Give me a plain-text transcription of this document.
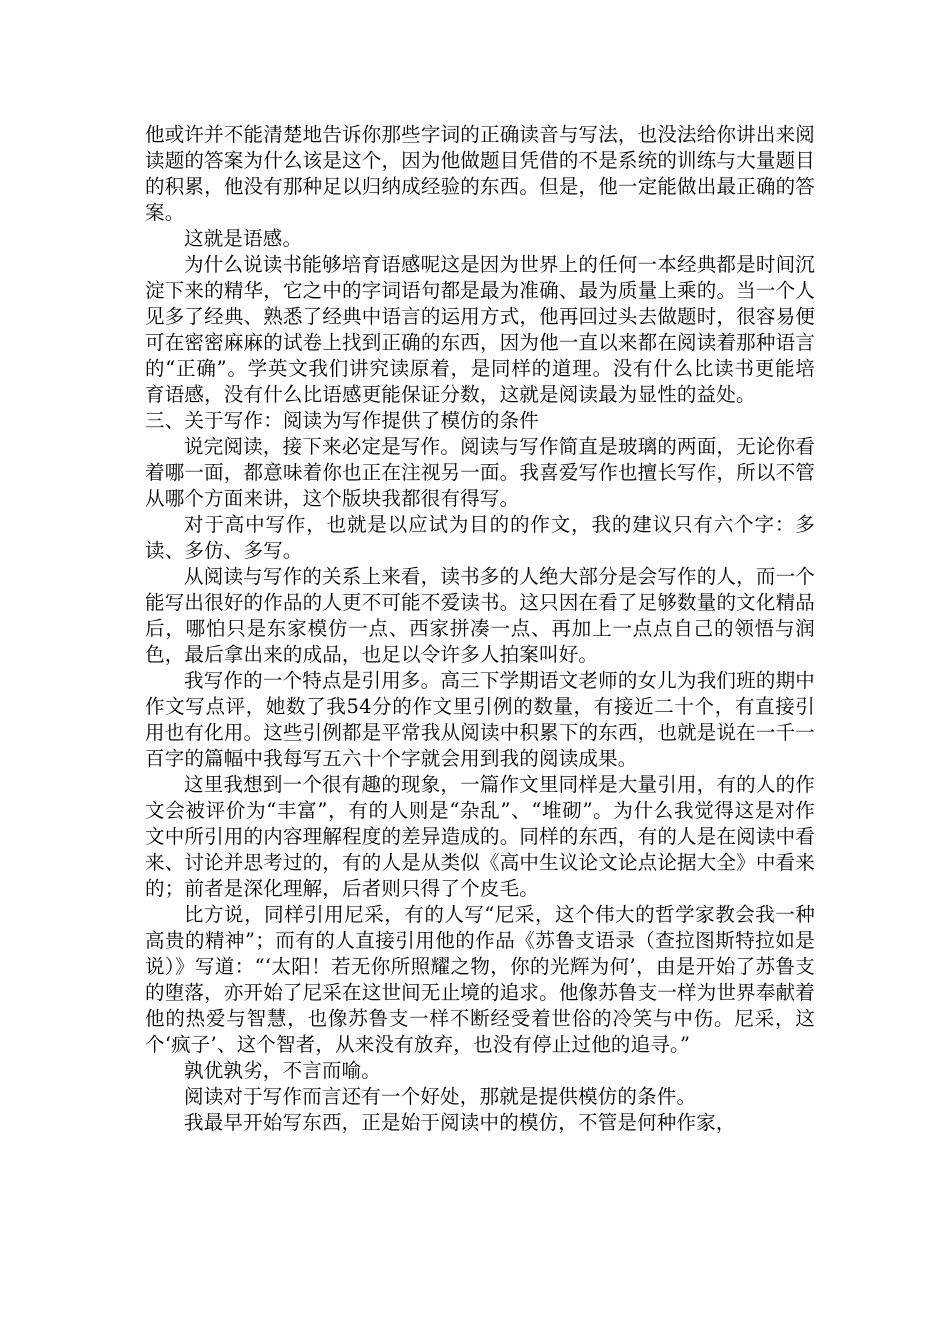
他或许并不能清楚地告诉你那些字词的正确读音与写法，也没法给你讲出来阅读题的答案为什么该是这个，因为他做题目凭借的不是系统的训练与大量题目的积累，他没有那种足以归纳成经验的东西。但是，他一定能做出最正确的答案。

这就是语感。

为什么说读书能够培育语感呢这是因为世界上的任何一本经典都是时间沉淀下来的精华，它之中的字词语句都是最为准确、最为质量上乘的。当一个人见多了经典、熟悉了经典中语言的运用方式，他再回过头去做题时，很容易便可在密密麻麻的试卷上找到正确的东西，因为他一直以来都在阅读着那种语言的“正确”。学英文我们讲究读原着，是同样的道理。没有什么比读书更能培育语感，没有什么比语感更能保证分数，这就是阅读最为显性的益处。

三、关于写作：阅读为写作提供了模仿的条件

说完阅读，接下来必定是写作。阅读与写作简直是玻璃的两面，无论你看着哪一面，都意味着你也正在注视另一面。我喜爱写作也擅长写作，所以不管从哪个方面来讲，这个版块我都很有得写。

对于高中写作，也就是以应试为目的的作文，我的建议只有六个字：多读、多仿、多写。

从阅读与写作的关系上来看，读书多的人绝大部分是会写作的人，而一个能写出很好的作品的人更不可能不爱读书。这只因在看了足够数量的文化精品后，哪怕只是东家模仿一点、西家拼凑一点、再加上一点点自己的领悟与润色，最后拿出来的成品，也足以令许多人拍案叫好。

我写作的一个特点是引用多。高三下学期语文老师的女儿为我们班的期中作文写点评，她数了我54分的作文里引例的数量，有接近二十个，有直接引用也有化用。这些引例都是平常我从阅读中积累下的东西，也就是说在一千一百字的篇幅中我每写五六十个字就会用到我的阅读成果。

这里我想到一个很有趣的现象，一篇作文里同样是大量引用，有的人的作文会被评价为“丰富”，有的人则是“杂乱”、“堆砌”。为什么我觉得这是对作文中所引用的内容理解程度的差异造成的。同样的东西，有的人是在阅读中看来、讨论并思考过的，有的人是从类似《高中生议论文论点论据大全》中看来的；前者是深化理解，后者则只得了个皮毛。

比方说，同样引用尼采，有的人写“尼采，这个伟大的哲学家教会我一种高贵的精神”；而有的人直接引用他的作品《苏鲁支语录（查拉图斯特拉如是说）》写道：“‘太阳！若无你所照耀之物，你的光辉为何’，由是开始了苏鲁支的堕落，亦开始了尼采在这世间无止境的追求。他像苏鲁支一样为世界奉献着他的热爱与智慧，也像苏鲁支一样不断经受着世俗的冷笑与中伤。尼采，这个‘疯子’、这个智者，从来没有放弃，也没有停止过他的追寻。”

孰优孰劣，不言而喻。

阅读对于写作而言还有一个好处，那就是提供模仿的条件。

我最早开始写东西，正是始于阅读中的模仿，不管是何种作家，
